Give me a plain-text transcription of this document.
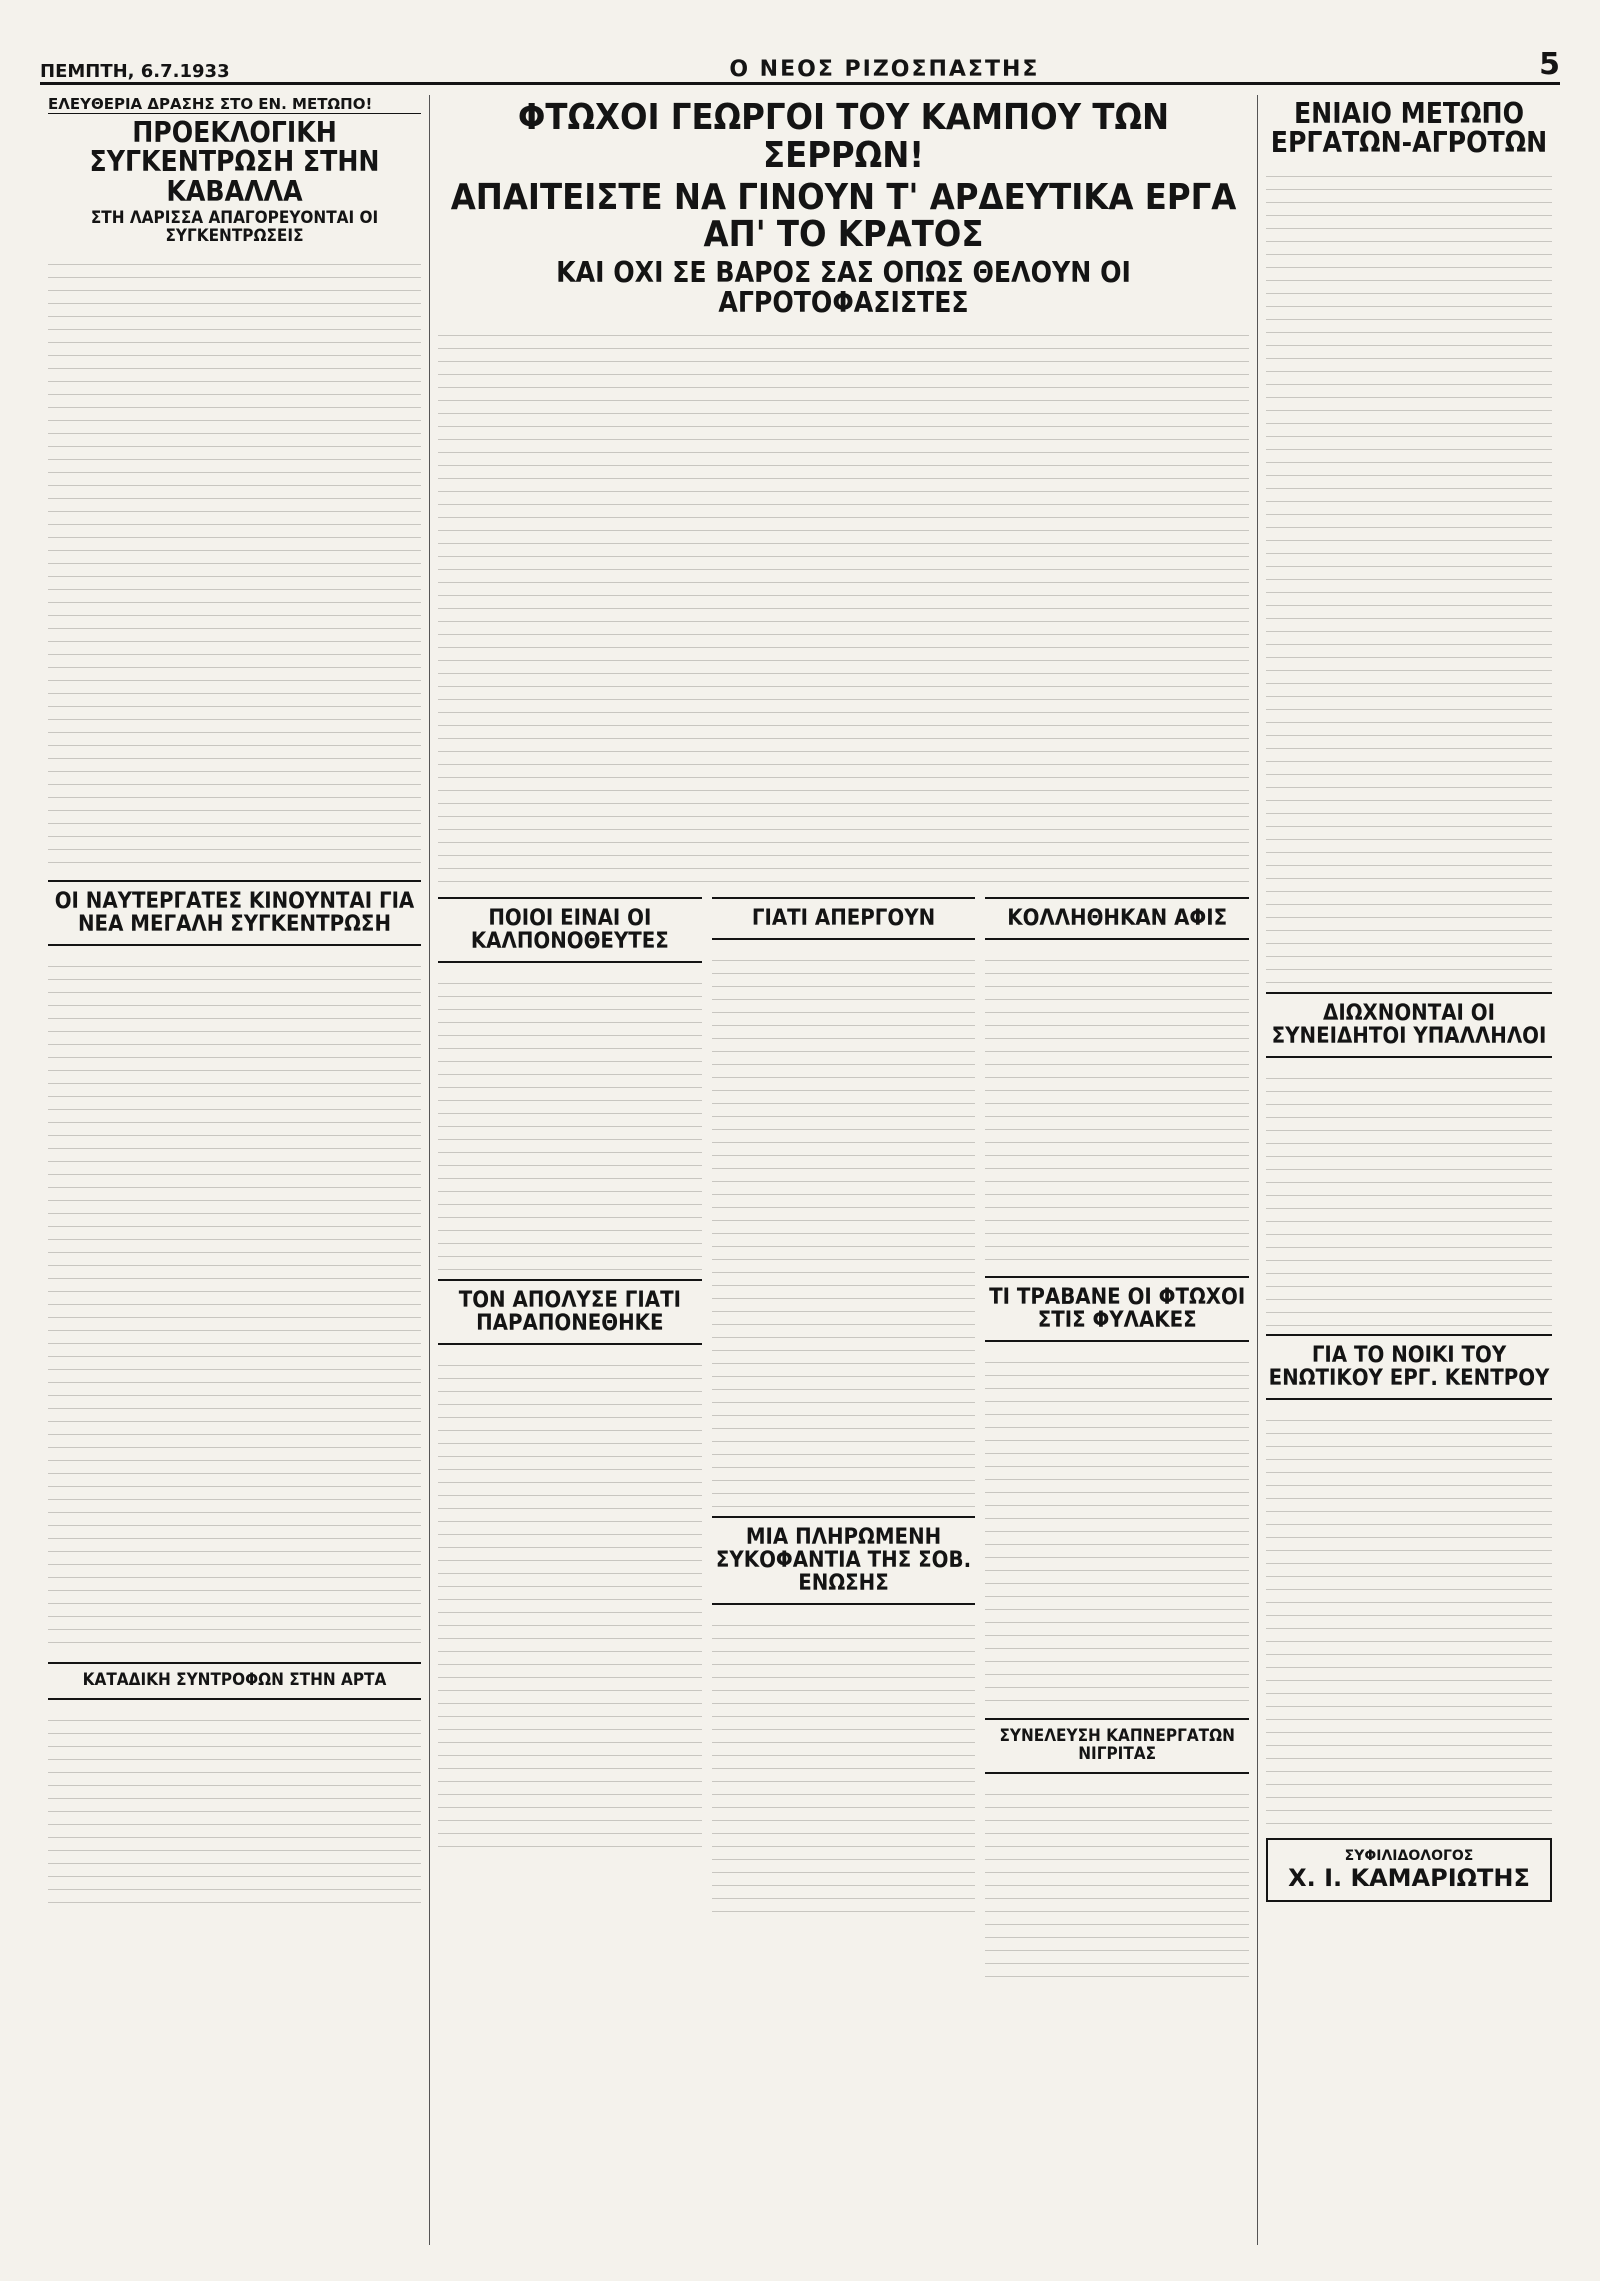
ΠΕΜΠΤΗ, 6.7.1933	Ο ΝΕΟΣ ΡΙΖΟΣΠΑΣΤΗΣ	5
ΕΛΕΥΘΕΡΙΑ ΔΡΑΣΗΣ ΣΤΟ ΕΝ. ΜΕΤΩΠΟ!
ΠΡΟΕΚΛΟΓΙΚΗ ΣΥΓΚΕΝΤΡΩΣΗ ΣΤΗΝ ΚΑΒΑΛΛΑ
ΣΤΗ ΛΑΡΙΣΣΑ ΑΠΑΓΟΡΕΥΟΝΤΑΙ ΟΙ ΣΥΓΚΕΝΤΡΩΣΕΙΣ
ΟΙ ΝΑΥΤΕΡΓΑΤΕΣ ΚΙΝΟΥΝΤΑΙ ΓΙΑ ΝΕΑ ΜΕΓΑΛΗ ΣΥΓΚΕΝΤΡΩΣΗ
ΚΑΤΑΔΙΚΗ ΣΥΝΤΡΟΦΩΝ ΣΤΗΝ ΑΡΤΑ
ΦΤΩΧΟΙ ΓΕΩΡΓΟΙ ΤΟΥ ΚΑΜΠΟΥ ΤΩΝ ΣΕΡΡΩΝ!
ΑΠΑΙΤΕΙΣΤΕ ΝΑ ΓΙΝΟΥΝ Τ' ΑΡΔΕΥΤΙΚΑ ΕΡΓΑ ΑΠ' ΤΟ ΚΡΑΤΟΣ
ΚΑΙ ΟΧΙ ΣΕ ΒΑΡΟΣ ΣΑΣ ΟΠΩΣ ΘΕΛΟΥΝ ΟΙ ΑΓΡΟΤΟΦΑΣΙΣΤΕΣ
ΠΟΙΟΙ ΕΙΝΑΙ ΟΙ ΚΑΛΠΟΝΟΘΕΥΤΕΣ
ΤΟΝ ΑΠΟΛΥΣΕ ΓΙΑΤΙ ΠΑΡΑΠΟΝΕΘΗΚΕ
ΓΙΑΤΙ ΑΠΕΡΓΟΥΝ
ΜΙΑ ΠΛΗΡΩΜΕΝΗ ΣΥΚΟΦΑΝΤΙΑ ΤΗΣ ΣΟΒ. ΕΝΩΣΗΣ
ΚΟΛΛΗΘΗΚΑΝ ΑΦΙΣ
ΤΙ ΤΡΑΒΑΝΕ ΟΙ ΦΤΩΧΟΙ ΣΤΙΣ ΦΥΛΑΚΕΣ
ΣΥΝΕΛΕΥΣΗ ΚΑΠΝΕΡΓΑΤΩΝ ΝΙΓΡΙΤΑΣ
ΕΝΙΑΙΟ ΜΕΤΩΠΟ ΕΡΓΑΤΩΝ-ΑΓΡΟΤΩΝ
ΔΙΩΧΝΟΝΤΑΙ ΟΙ ΣΥΝΕΙΔΗΤΟΙ ΥΠΑΛΛΗΛΟΙ
ΓΙΑ ΤΟ ΝΟΙΚΙ ΤΟΥ ΕΝΩΤΙΚΟΥ ΕΡΓ. ΚΕΝΤΡΟΥ
ΣΥΦΙΛΙΔΟΛΟΓΟΣ
Χ. Ι. ΚΑΜΑΡΙΩΤΗΣ
